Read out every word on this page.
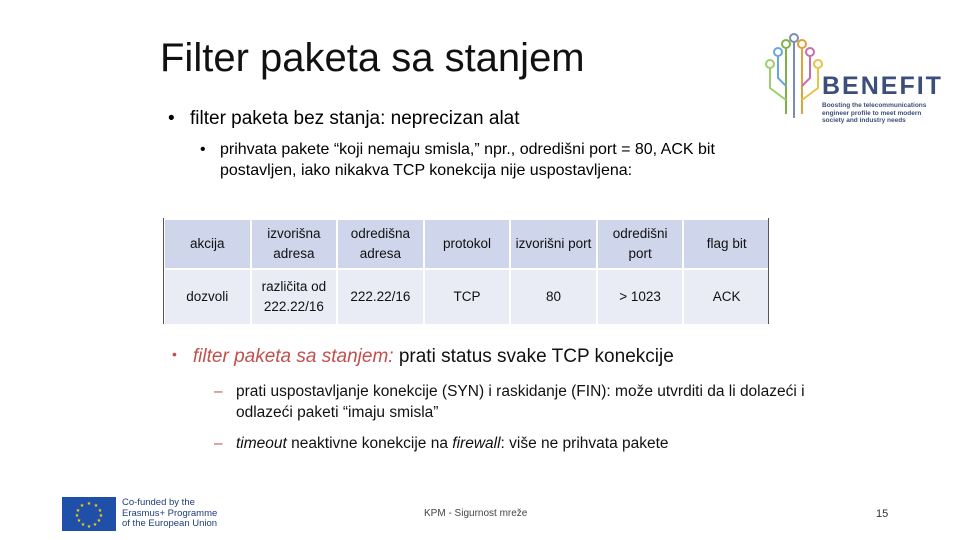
Filter paketa sa stanjem
BENEFIT
Boosting the telecommunications
engineer profile to meet modern
society and industry needs
• filter paketa bez stanja: neprecizan alat
• prihvata pakete “koji nemaju smisla,” npr., odredišni port = 80, ACK bit postavljen, iako nikakva TCP konekcija nije uspostavljena:
akcija	izvorišna adresa	odredišna adresa	protokol	izvorišni port	odredišni port	flag bit
dozvoli	različita od 222.22/16	222.22/16	TCP	80	> 1023	ACK
• filter paketa sa stanjem: prati status svake TCP konekcije
– prati uspostavljanje konekcije (SYN) i raskidanje (FIN): može utvrditi da li dolazeći i odlazeći paketi “imaju smisla”
– timeout neaktivne konekcije na firewall: više ne prihvata pakete
★ ★
★
★
★
★
★
★
★
★
★
★	Co-funded by the
Erasmus+ Programme
of the European Union
KPM - Sigurnost mreže	15
